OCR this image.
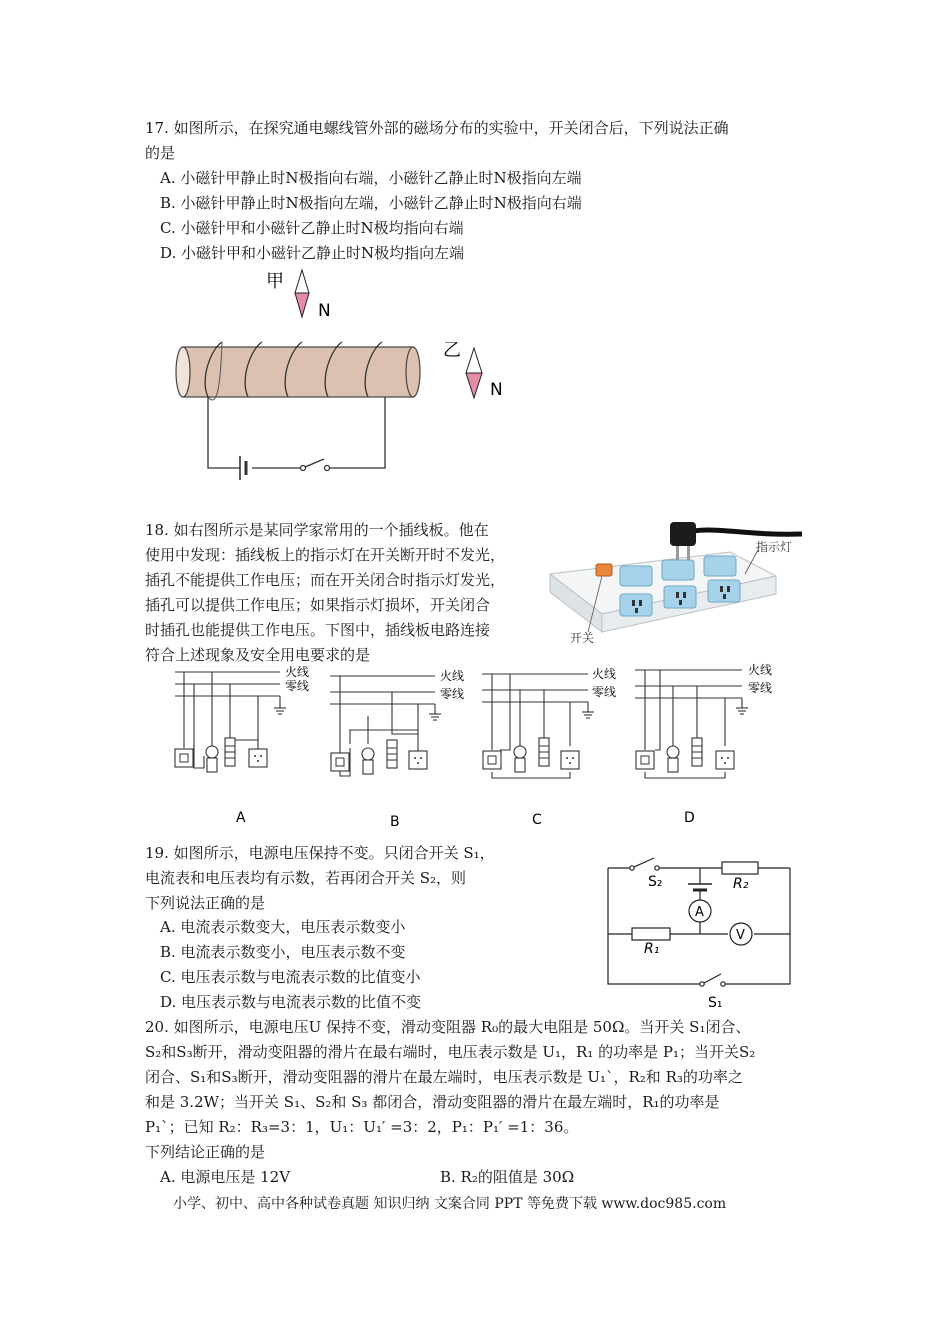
17. 如图所示，在探究通电螺线管外部的磁场分布的实验中，开关闭合后，下列说法正确
的是
A. 小磁针甲静止时N极指向右端，小磁针乙静止时N极指向左端
B. 小磁针甲静止时N极指向左端，小磁针乙静止时N极指向右端
C. 小磁针甲和小磁针乙静止时N极均指向右端
D. 小磁针甲和小磁针乙静止时N极均指向左端
甲
N
乙
N
18. 如右图所示是某同学家常用的一个插线板。他在
使用中发现：插线板上的指示灯在开关断开时不发光，
插孔不能提供工作电压；而在开关闭合时指示灯发光，
插孔可以提供工作电压；如果指示灯损坏，开关闭合
时插孔也能提供工作电压。下图中，插线板电路连接
符合上述现象及安全用电要求的是
指示灯
开关
火线
零线
A
火线
零线
B
火线
零线
C
火线
零线
D
19. 如图所示，电源电压保持不变。只闭合开关 S₁，
电流表和电压表均有示数，若再闭合开关 S₂，则
下列说法正确的是
A. 电流表示数变大，电压表示数变小
B. 电流表示数变小，电压表示数不变
C. 电压表示数与电流表示数的比值变小
D. 电压表示数与电流表示数的比值不变
S₂	R₂
A
R₁
V
S₁
20. 如图所示，电源电压U 保持不变，滑动变阻器 R₀的最大电阻是 50Ω。当开关 S₁闭合、
S₂和S₃断开，滑动变阻器的滑片在最右端时，电压表示数是 U₁，R₁ 的功率是 P₁；当开关S₂
闭合、S₁和S₃断开，滑动变阻器的滑片在最左端时，电压表示数是 U₁`，R₂和 R₃的功率之
和是 3.2W；当开关 S₁、S₂和 S₃ 都闭合，滑动变阻器的滑片在最左端时，R₁的功率是
P₁`；已知 R₂：R₃=3：1，U₁：U₁′ =3：2，P₁：P₁′ =1：36。
下列结论正确的是
A. 电源电压是 12V	B. R₂的阻值是 30Ω
小学、初中、高中各种试卷真题 知识归纳 文案合同 PPT 等免费下载 www.doc985.com
